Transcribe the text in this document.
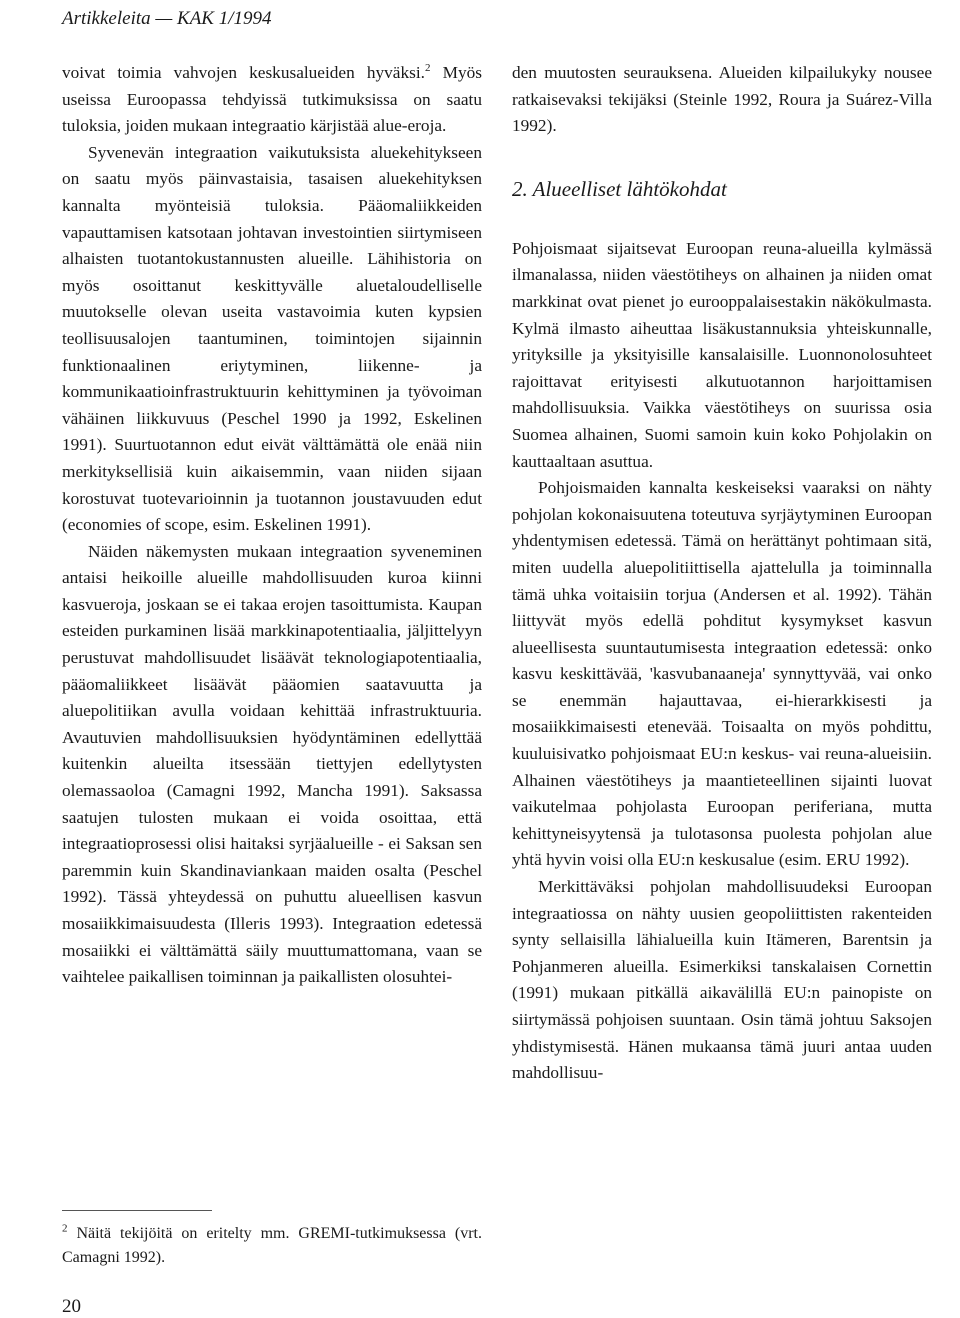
Artikkeleita — KAK 1/1994

voivat toimia vahvojen keskusalueiden hyväksi.$^2$ Myös useissa Euroopassa tehdyissä tutkimuksissa on saatu tuloksia, joiden mukaan integraatio kärjistää alue-eroja.

Syvenevän integraation vaikutuksista aluekehitykseen on saatu myös päinvastaisia, tasaisen aluekehityksen kannalta myönteisiä tuloksia. Pääomaliikkeiden vapauttamisen katsotaan johtavan investointien siirtymiseen alhaisten tuotantokustannusten alueille. Lähihistoria on myös osoittanut keskittyvälle aluetaloudelliselle muutokselle olevan useita vastavoimia kuten kypsien teollisuusalojen taantuminen, toimintojen sijainnin funktionaalinen eriytyminen, liikenne- ja kommunikaatioinfrastruktuurin kehittyminen ja työvoiman vähäinen liikkuvuus (Peschel 1990 ja 1992, Eskelinen 1991). Suurtuotannon edut eivät välttämättä ole enää niin merkityksellisiä kuin aikaisemmin, vaan niiden sijaan korostuvat tuotevarioinnin ja tuotannon joustavuuden edut (economies of scope, esim. Eskelinen 1991).

Näiden näkemysten mukaan integraation syveneminen antaisi heikoille alueille mahdollisuuden kuroa kiinni kasvueroja, joskaan se ei takaa erojen tasoittumista. Kaupan esteiden purkaminen lisää markkinapotentiaalia, jäljittelyyn perustuvat mahdollisuudet lisäävät teknologiapotentiaalia, pääomaliikkeet lisäävät pääomien saatavuutta ja aluepolitiikan avulla voidaan kehittää infrastruktuuria. Avautuvien mahdollisuuksien hyödyntäminen edellyttää kuitenkin alueilta itsessään tiettyjen edellytysten olemassaoloa (Camagni 1992, Mancha 1991). Saksassa saatujen tulosten mukaan ei voida osoittaa, että integraatioprosessi olisi haitaksi syrjäalueille - ei Saksan sen paremmin kuin Skandinaviankaan maiden osalta (Peschel 1992). Tässä yhteydessä on puhuttu alueellisen kasvun mosaiikkimaisuudesta (Illeris 1993). Integraation edetessä mosaiikki ei välttämättä säily muuttumattomana, vaan se vaihtelee paikallisen toiminnan ja paikallisten olosuhtei-

den muutosten seurauksena. Alueiden kilpailukyky nousee ratkaisevaksi tekijäksi (Steinle 1992, Roura ja Suárez-Villa 1992).

2. Alueelliset lähtökohdat

Pohjoismaat sijaitsevat Euroopan reuna-alueilla kylmässä ilmanalassa, niiden väestötiheys on alhainen ja niiden omat markkinat ovat pienet jo eurooppalaisestakin näkökulmasta. Kylmä ilmasto aiheuttaa lisäkustannuksia yhteiskunnalle, yrityksille ja yksityisille kansalaisille. Luonnonolosuhteet rajoittavat erityisesti alkutuotannon harjoittamisen mahdollisuuksia. Vaikka väestötiheys on suurissa osia Suomea alhainen, Suomi samoin kuin koko Pohjolakin on kauttaaltaan asuttua.

Pohjoismaiden kannalta keskeiseksi vaaraksi on nähty pohjolan kokonaisuutena toteutuva syrjäytyminen Euroopan yhdentymisen edetessä. Tämä on herättänyt pohtimaan sitä, miten uudella aluepolitiittisella ajattelulla ja toiminnalla tämä uhka voitaisiin torjua (Andersen et al. 1992). Tähän liittyvät myös edellä pohditut kysymykset kasvun alueellisesta suuntautumisesta integraation edetessä: onko kasvu keskittävää, 'kasvubanaaneja' synnyttyvää, vai onko se enemmän hajauttavaa, ei-hierarkkisesti ja mosaiikkimaisesti etenevää. Toisaalta on myös pohdittu, kuuluisivatko pohjoismaat EU:n keskus- vai reuna-alueisiin. Alhainen väestötiheys ja maantieteellinen sijainti luovat vaikutelmaa pohjolasta Euroopan periferiana, mutta kehittyneisyytensä ja tulotasonsa puolesta pohjolan alue yhtä hyvin voisi olla EU:n keskusalue (esim. ERU 1992).

Merkittäväksi pohjolan mahdollisuudeksi Euroopan integraatiossa on nähty uusien geopoliittisten rakenteiden synty sellaisilla lähialueilla kuin Itämeren, Barentsin ja Pohjanmeren alueilla. Esimerkiksi tanskalaisen Cornettin (1991) mukaan pitkällä aikavälillä EU:n painopiste on siirtymässä pohjoisen suuntaan. Osin tämä johtuu Saksojen yhdistymisestä. Hänen mukaansa tämä juuri antaa uuden mahdollisuu-

$^2$ Näitä tekijöitä on eritelty mm. GREMI-tutkimuksessa (vrt. Camagni 1992).
20
